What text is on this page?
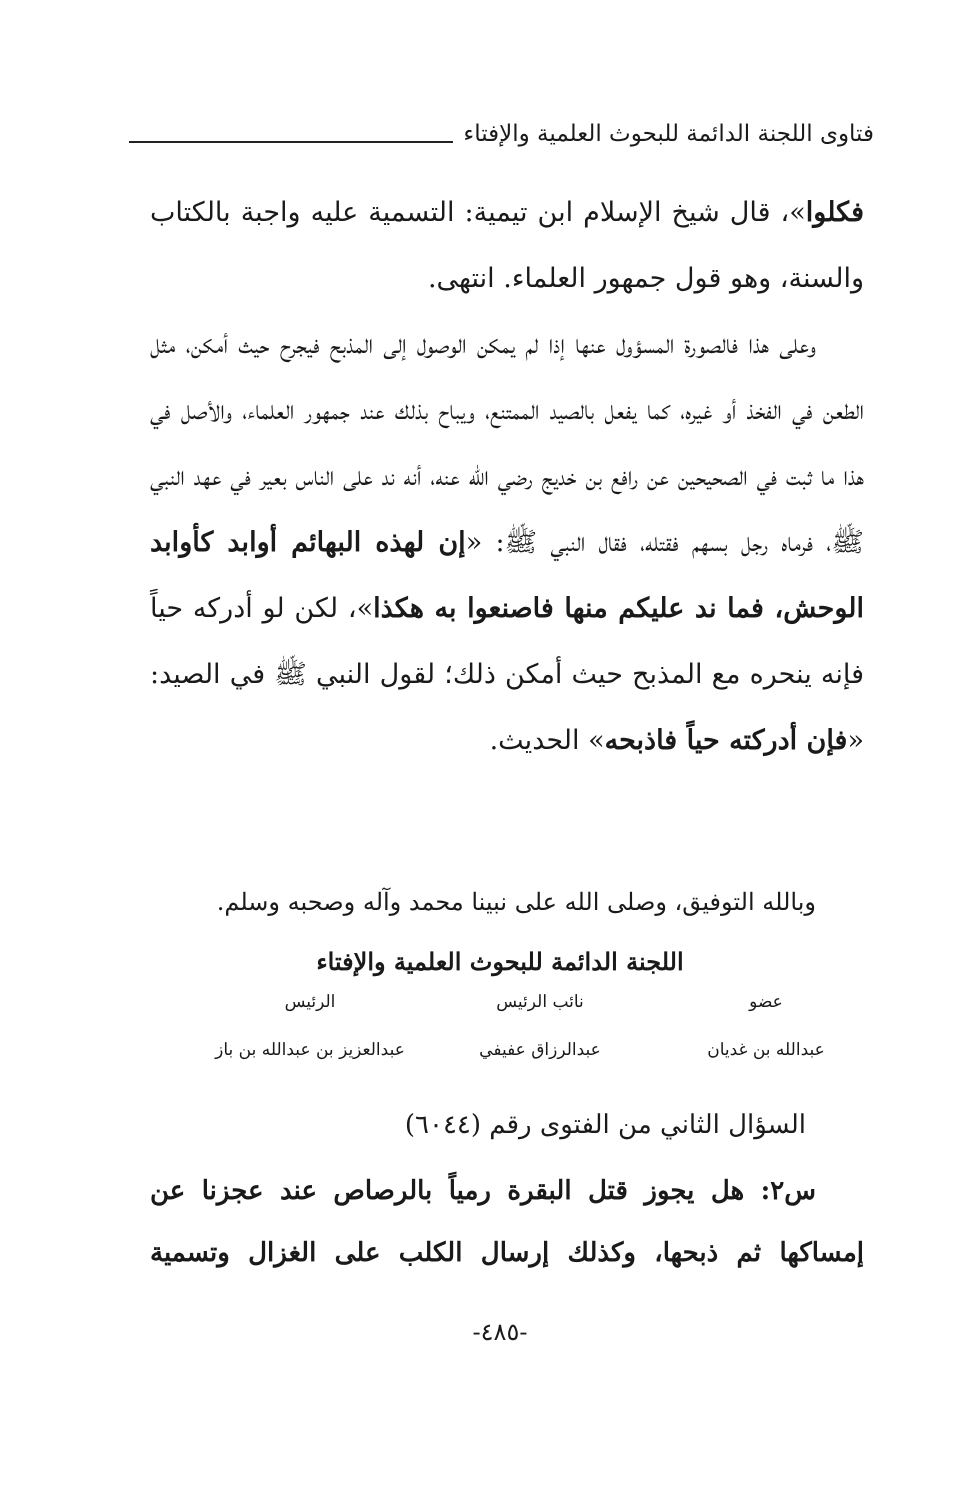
فتاوى اللجنة الدائمة للبحوث العلمية والإفتاء
فكلوا»، قال شيخ الإسلام ابن تيمية: التسمية عليه واجبة بالكتاب والسنة، وهو قول جمهور العلماء. انتهى.
وعلى هذا فالصورة المسؤول عنها إذا لم يمكن الوصول إلى المذبح فيجرح حيث أمكن، مثل الطعن في الفخذ أو غيره، كما يفعل بالصيد الممتنع، ويباح بذلك عند جمهور العلماء، والأصل في هذا ما ثبت في الصحيحين عن رافع بن خديج رضي الله عنه، أنه ند على الناس بعير في عهد النبي ﷺ، فرماه رجل بسهم فقتله، فقال النبي ﷺ: «إن لهذه البهائم أوابد كأوابد الوحش، فما ند عليكم منها فاصنعوا به هكذا»، لكن لو أدركه حياً فإنه ينحره مع المذبح حيث أمكن ذلك؛ لقول النبي ﷺ في الصيد: «فإن أدركته حياً فاذبحه» الحديث.
وبالله التوفيق، وصلى الله على نبينا محمد وآله وصحبه وسلم.
اللجنة الدائمة للبحوث العلمية والإفتاء
عضو
نائب الرئيس
الرئيس
عبدالله بن غديان
عبدالرزاق عفيفي
عبدالعزيز بن عبدالله بن باز
السؤال الثاني من الفتوى رقم (٦٠٤٤)
س٢: هل يجوز قتل البقرة رمياً بالرصاص عند عجزنا عن إمساكها ثم ذبحها، وكذلك إرسال الكلب على الغزال وتسمية
-٤٨٥-
